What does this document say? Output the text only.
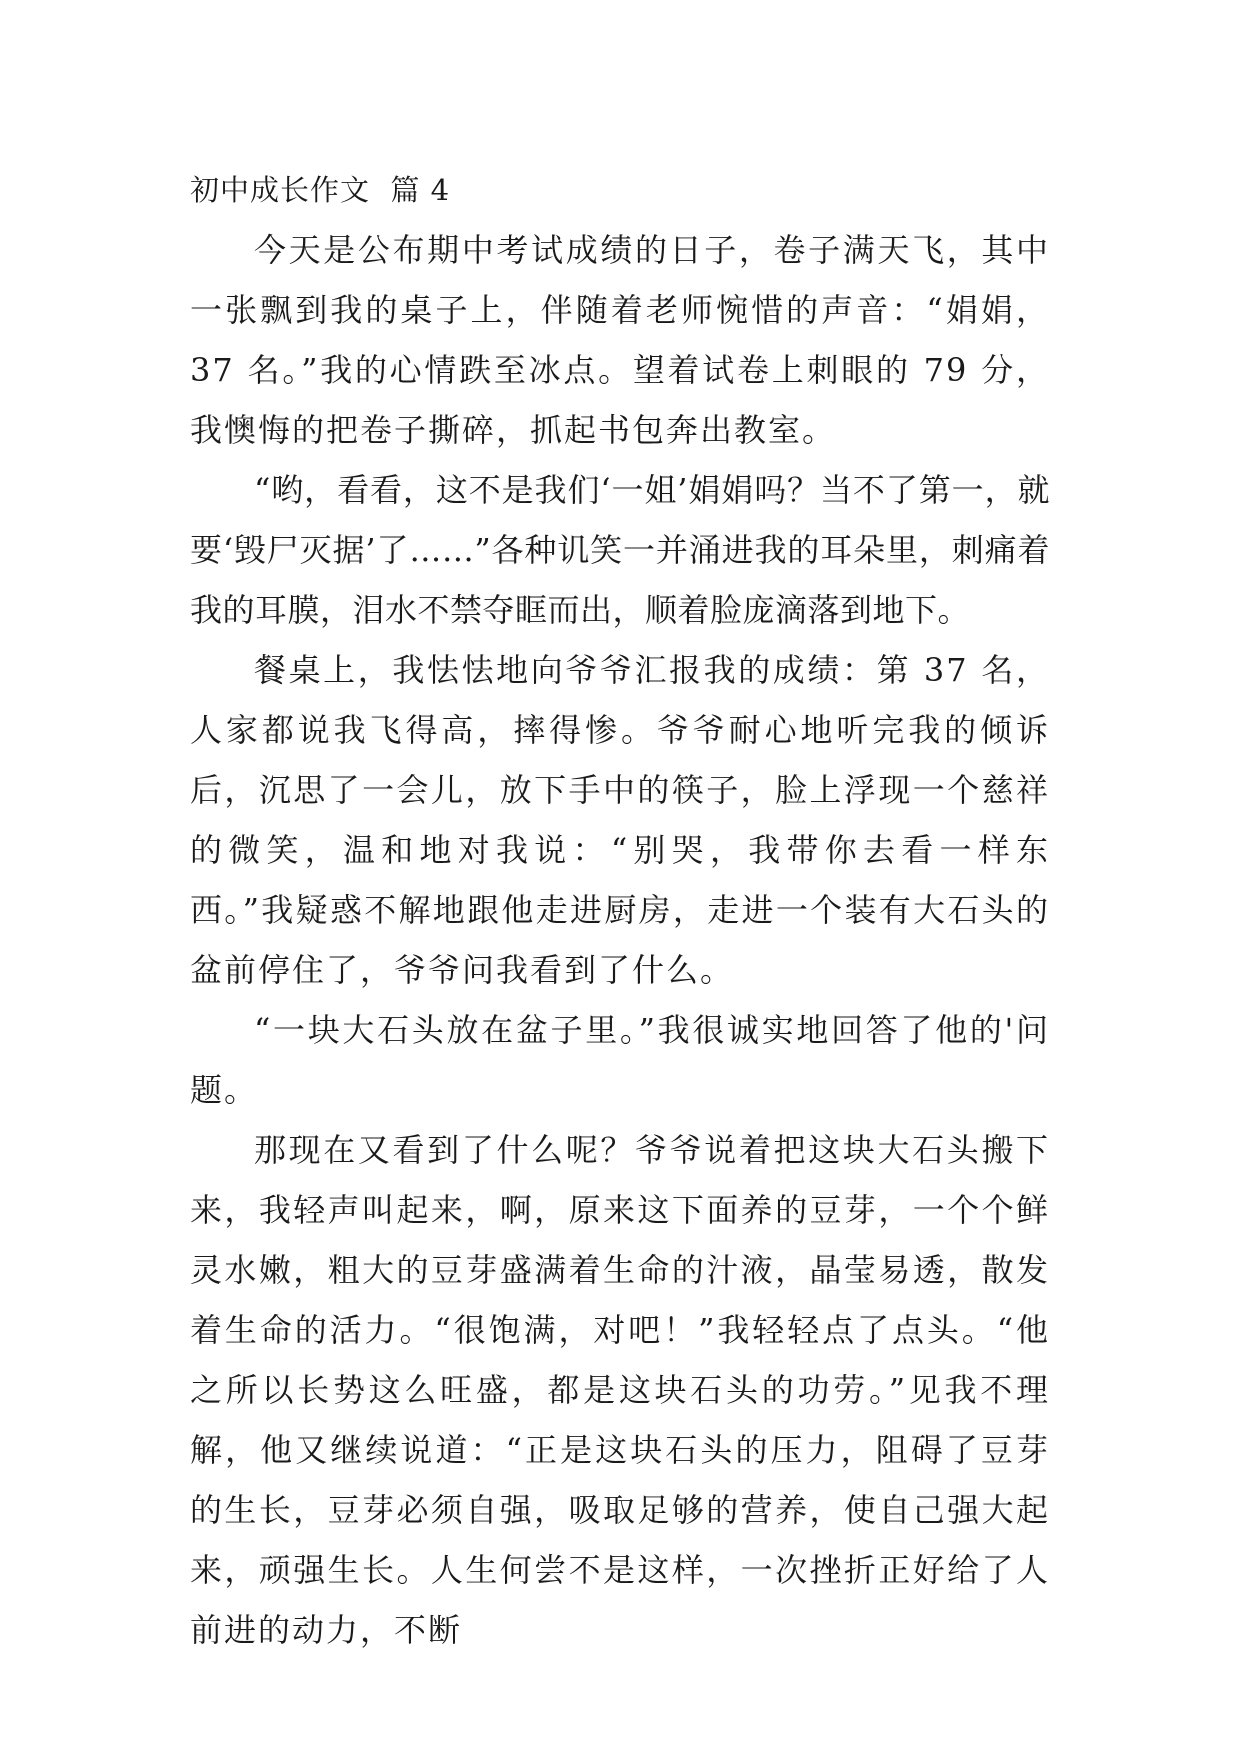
初中成长作文  篇 4

今天是公布期中考试成绩的日子，卷子满天飞，其中一张飘到我的桌子上，伴随着老师惋惜的声音：“娟娟，37 名。”我的心情跌至冰点。望着试卷上刺眼的 79 分，我懊悔的把卷子撕碎，抓起书包奔出教室。

“哟，看看，这不是我们‘一姐’娟娟吗？当不了第一，就要‘毁尸灭据’了……”各种讥笑一并涌进我的耳朵里，刺痛着我的耳膜，泪水不禁夺眶而出，顺着脸庞滴落到地下。

餐桌上，我怯怯地向爷爷汇报我的成绩：第 37 名，人家都说我飞得高，摔得惨。爷爷耐心地听完我的倾诉后，沉思了一会儿，放下手中的筷子，脸上浮现一个慈祥的微笑，温和地对我说：“别哭，我带你去看一样东西。”我疑惑不解地跟他走进厨房，走进一个装有大石头的盆前停住了，爷爷问我看到了什么。

“一块大石头放在盆子里。”我很诚实地回答了他的'问题。

那现在又看到了什么呢？爷爷说着把这块大石头搬下来，我轻声叫起来，啊，原来这下面养的豆芽，一个个鲜灵水嫩，粗大的豆芽盛满着生命的汁液，晶莹易透，散发着生命的活力。“很饱满，对吧！”我轻轻点了点头。“他之所以长势这么旺盛，都是这块石头的功劳。”见我不理解，他又继续说道：“正是这块石头的压力，阻碍了豆芽的生长，豆芽必须自强，吸取足够的营养，使自己强大起来，顽强生长。人生何尝不是这样，一次挫折正好给了人前进的动力，不断
